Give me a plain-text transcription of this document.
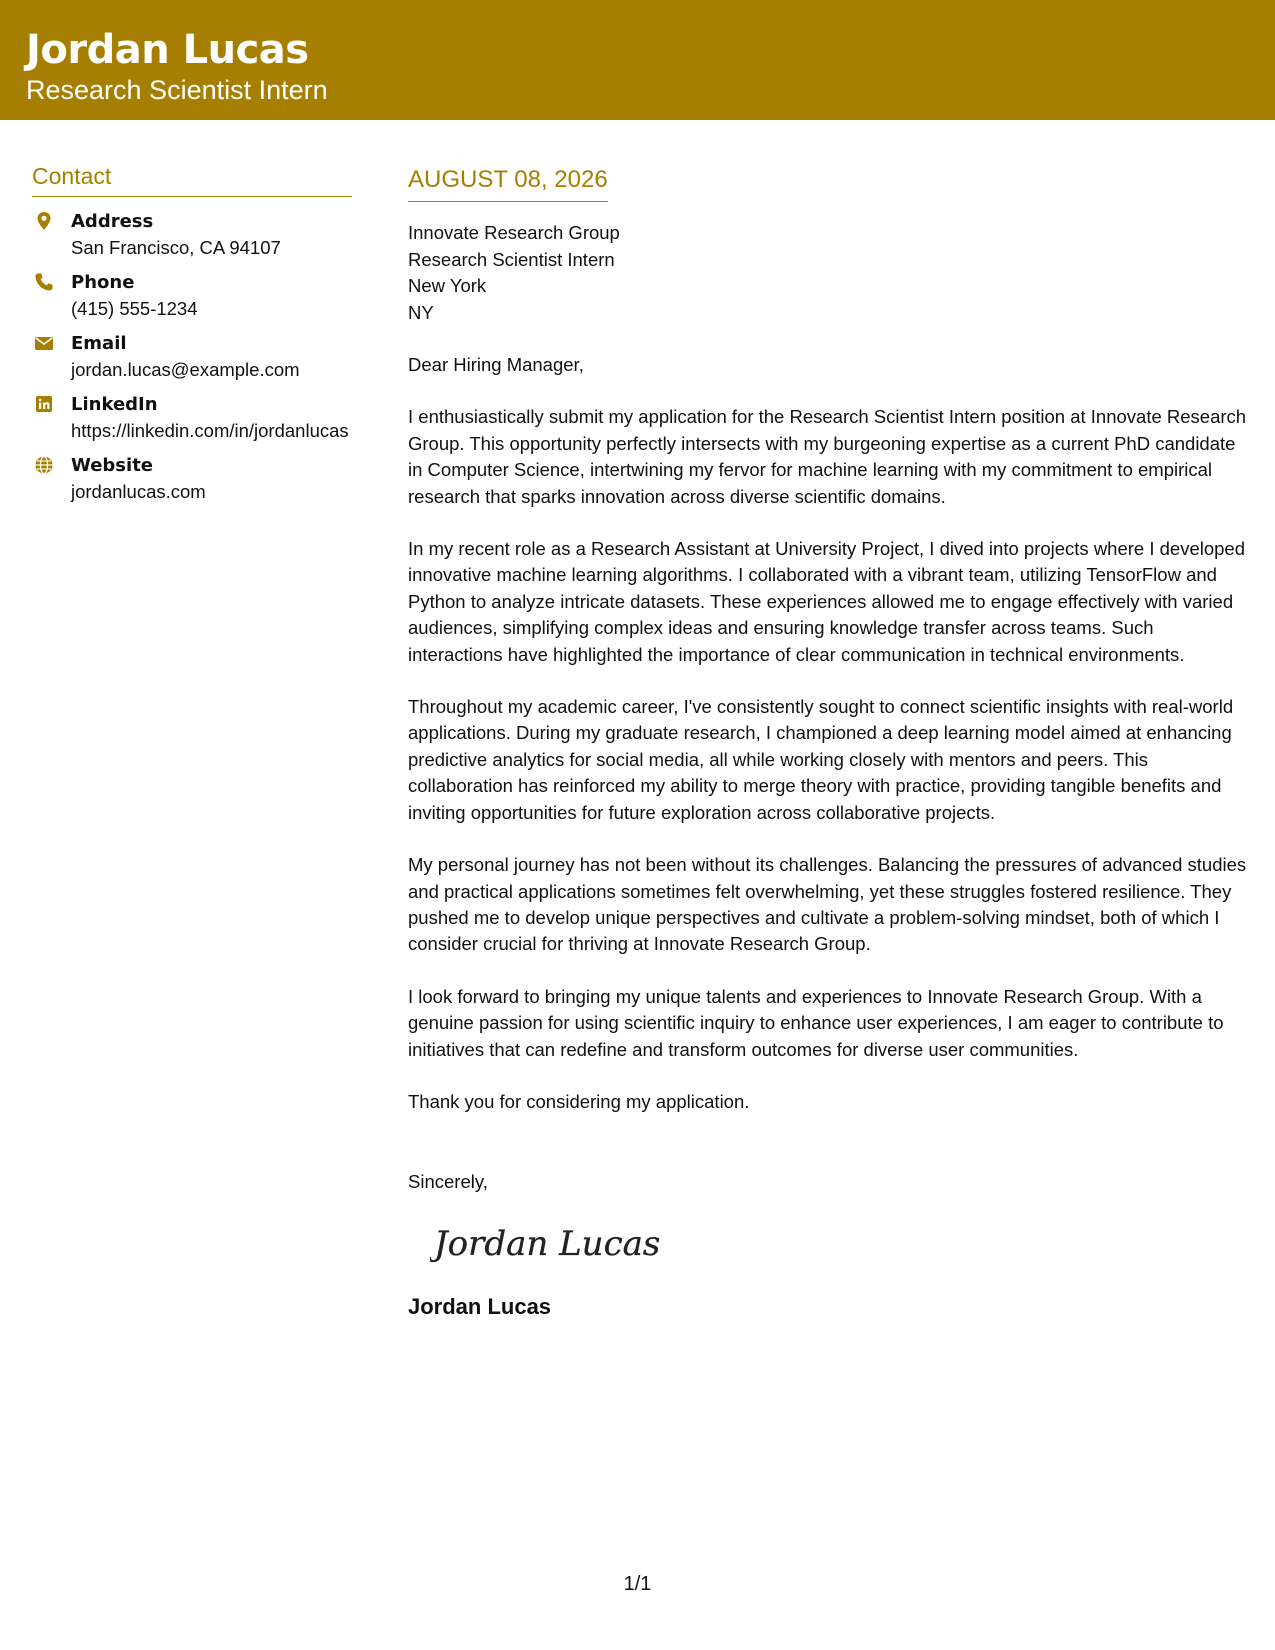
Jordan Lucas
Research Scientist Intern
Contact
Address
San Francisco, CA 94107
Phone
(415) 555-1234
Email
jordan.lucas@example.com
LinkedIn
https://linkedin.com/in/jordanlucas
Website
jordanlucas.com
AUGUST 08, 2026
Innovate Research Group
Research Scientist Intern
New York
NY

Dear Hiring Manager,

I enthusiastically submit my application for the Research Scientist Intern position at Innovate Research Group. This opportunity perfectly intersects with my burgeoning expertise as a current PhD candidate in Computer Science, intertwining my fervor for machine learning with my commitment to empirical research that sparks innovation across diverse scientific domains.

In my recent role as a Research Assistant at University Project, I dived into projects where I developed innovative machine learning algorithms. I collaborated with a vibrant team, utilizing TensorFlow and Python to analyze intricate datasets. These experiences allowed me to engage effectively with varied audiences, simplifying complex ideas and ensuring knowledge transfer across teams. Such interactions have highlighted the importance of clear communication in technical environments.

Throughout my academic career, I've consistently sought to connect scientific insights with real-world applications. During my graduate research, I championed a deep learning model aimed at enhancing predictive analytics for social media, all while working closely with mentors and peers. This collaboration has reinforced my ability to merge theory with practice, providing tangible benefits and inviting opportunities for future exploration across collaborative projects.

My personal journey has not been without its challenges. Balancing the pressures of advanced studies and practical applications sometimes felt overwhelming, yet these struggles fostered resilience. They pushed me to develop unique perspectives and cultivate a problem-solving mindset, both of which I consider crucial for thriving at Innovate Research Group.

I look forward to bringing my unique talents and experiences to Innovate Research Group. With a genuine passion for using scientific inquiry to enhance user experiences, I am eager to contribute to initiatives that can redefine and transform outcomes for diverse user communities.

Thank you for considering my application.

Sincerely,
Jordan Lucas
Jordan Lucas
1/1
